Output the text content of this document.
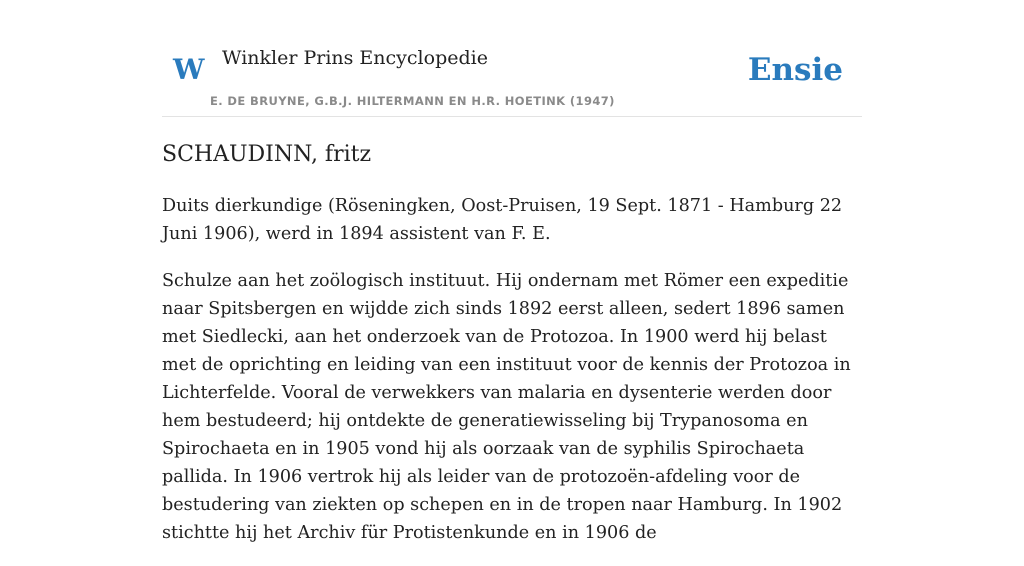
W Winkler Prins Encyclopedie
E. DE BRUYNE, G.B.J. HILTERMANN EN H.R. HOETINK (1947)
Ensie
SCHAUDINN, fritz

Duits dierkundige (Röseningken, Oost-Pruisen, 19 Sept. 1871 - Hamburg 22 Juni 1906), werd in 1894 assistent van F. E.

Schulze aan het zoölogisch instituut. Hij ondernam met Römer een expeditie naar Spitsbergen en wijdde zich sinds 1892 eerst alleen, sedert 1896 samen met Siedlecki, aan het onderzoek van de Protozoa. In 1900 werd hij belast met de oprichting en leiding van een instituut voor de kennis der Protozoa in Lichterfelde. Vooral de verwekkers van malaria en dysenterie werden door hem bestudeerd; hij ontdekte de generatiewisseling bij Trypanosoma en Spirochaeta en in 1905 vond hij als oorzaak van de syphilis Spirochaeta pallida. In 1906 vertrok hij als leider van de protozoën-afdeling voor de bestudering van ziekten op schepen en in de tropen naar Hamburg. In 1902 stichtte hij het Archiv für Protistenkunde en in 1906 de
